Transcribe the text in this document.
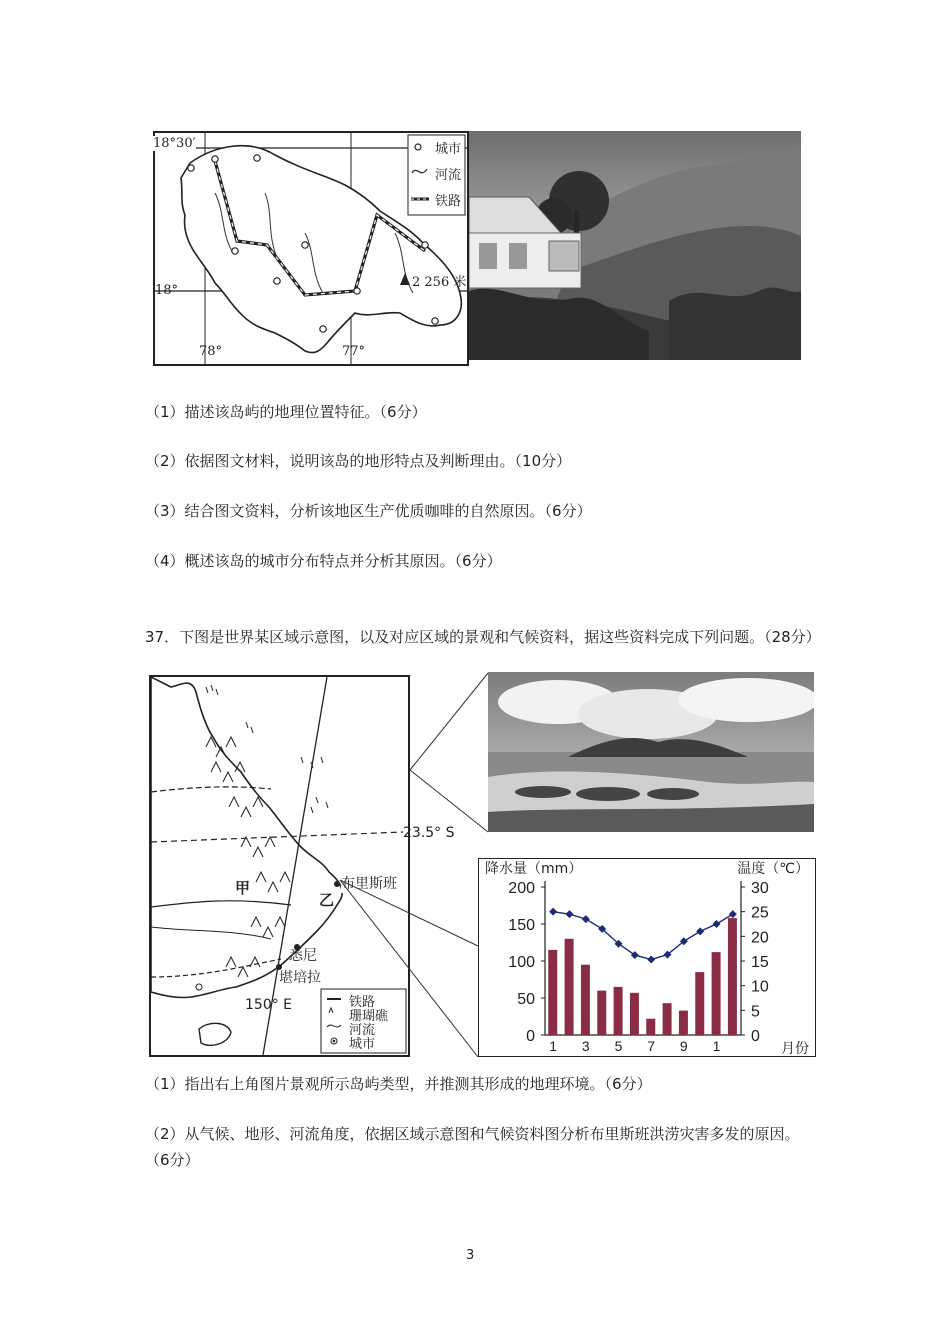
18°30′
18°
78°	77°
2 256 米
城市
河流
铁路
（1）描述该岛屿的地理位置特征。（6分）
（2）依据图文材料，说明该岛的地形特点及判断理由。（10分）
（3）结合图文资料，分析该地区生产优质咖啡的自然原因。（6分）
（4）概述该岛的城市分布特点并分析其原因。（6分）
37．下图是世界某区域示意图，以及对应区域的景观和气候资料，据这些资料完成下列问题。（28分）
23.5° S
150° E
甲
乙
布里斯班
悉尼
堪培拉
铁路
珊瑚礁
河流
城市	0
50
100
150
200
0
5
10
15
20
25
30
1 3 5 7 9 1
降水量（mm）	温度（℃）
月份
（1）指出右上角图片景观所示岛屿类型，并推测其形成的地理环境。（6分）
（2）从气候、地形、河流角度，依据区域示意图和气候资料图分析布里斯班洪涝灾害多发的原因。（6分）
3
